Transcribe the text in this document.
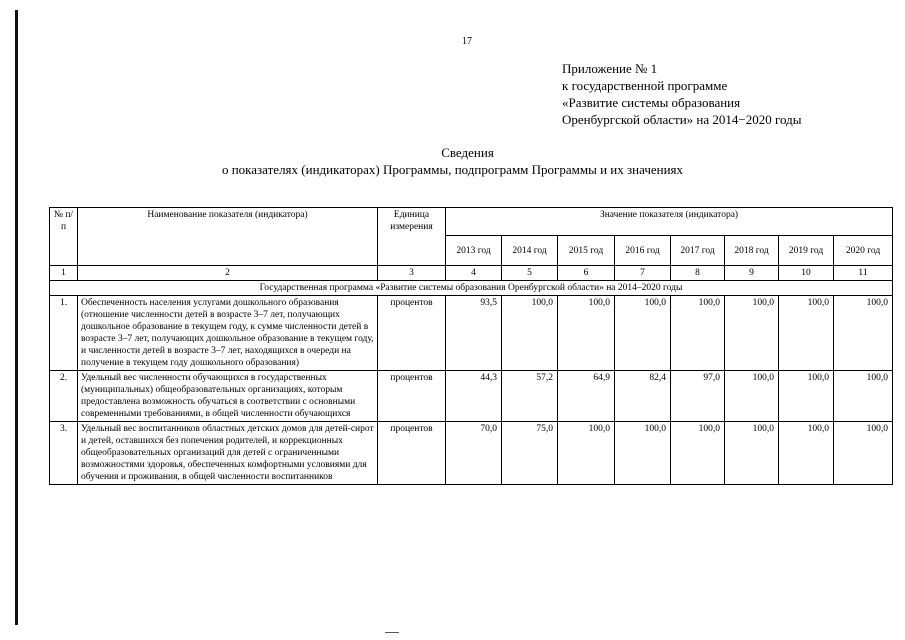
17
Приложение № 1
к государственной программе
«Развитие системы образования
Оренбургской области» на 2014−2020 годы
Сведения
о показателях (индикаторах) Программы, подпрограмм Программы и их значениях
№ п/п	Наименование показателя (индикатора)	Единица измерения	Значение показателя (индикатора)							
			2013 год	2014 год	2015 год	2016 год	2017 год	2018 год	2019 год	2020 год
1	2	3	4	5	6	7	8	9	10	11
Государственная программа «Развитие системы образования Оренбургской области» на 2014–2020 годы										
1.	Обеспеченность населения услугами дошкольного образования (отношение численности детей в возрасте 3–7 лет, получающих дошкольное образование в текущем году, к сумме численности детей в возрасте 3–7 лет, получающих дошкольное образование в текущем году, и численности детей в возрасте 3–7 лет, находящихся в очереди на получение в текущем году дошкольного образования)	процентов	93,5	100,0	100,0	100,0	100,0	100,0	100,0	100,0
2.	Удельный вес численности обучающихся в государственных (муниципальных) общеобразовательных организациях, которым предоставлена возможность обучаться в соответствии с основными современными требованиями, в общей численности обучающихся	процентов	44,3	57,2	64,9	82,4	97,0	100,0	100,0	100,0
3.	Удельный вес воспитанников областных детских домов для детей-сирот и детей, оставшихся без попечения родителей, и коррекционных общеобразовательных организаций для детей с ограниченными возможностями здоровья, обеспеченных комфортными условиями для обучения и проживания, в общей численности воспитанников	процентов	70,0	75,0	100,0	100,0	100,0	100,0	100,0	100,0
